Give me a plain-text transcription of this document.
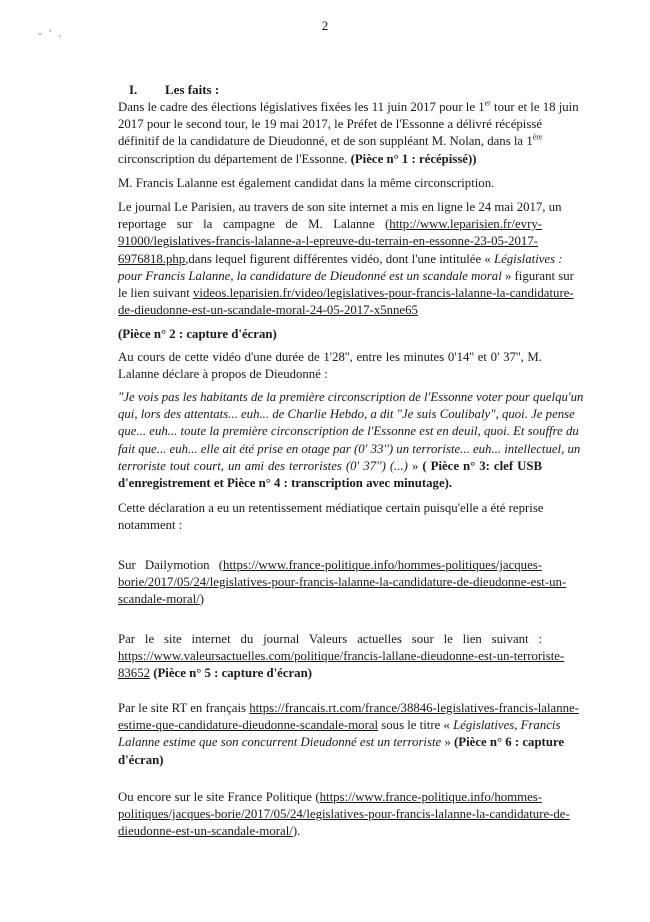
2
- ' .
I. Les faits :
Dans le cadre des élections législatives fixées les 11 juin 2017 pour le 1er tour et le 18 juin
2017 pour le second tour, le 19 mai 2017, le Préfet de l'Essonne a délivré récépissé
définitif de la candidature de Dieudonné, et de son suppléant M. Nolan, dans la 1ère
circonscription du département de l'Essonne. (Pièce n° 1 : récépissé))
M. Francis Lalanne est également candidat dans la même circonscription.
Le journal Le Parisien, au travers de son site internet a mis en ligne le 24 mai 2017, un
reportage sur la campagne de M. Lalanne (http://www.leparisien.fr/evry-
91000/legislatives-francis-lalanne-a-l-epreuve-du-terrain-en-essonne-23-05-2017-
6976818.php,dans lequel figurent différentes vidéo, dont l'une intitulée « Législatives :
pour Francis Lalanne, la candidature de Dieudonné est un scandale moral » figurant sur
le lien suivant videos.leparisien.fr/video/legislatives-pour-francis-lalanne-la-candidature-
de-dieudonne-est-un-scandale-moral-24-05-2017-x5nne65
(Pièce n° 2 : capture d'écran)
Au cours de cette vidéo d'une durée de 1'28'', entre les minutes 0'14'' et 0' 37'', M.
Lalanne déclare à propos de Dieudonné :
"Je vois pas les habitants de la première circonscription de l'Essonne voter pour quelqu'un
qui, lors des attentats... euh... de Charlie Hebdo, a dit "Je suis Coulibaly", quoi. Je pense
que... euh... toute la première circonscription de l'Essonne est en deuil, quoi. Et souffre du
fait que... euh... elle ait été prise en otage par (0' 33'') un terroriste... euh... intellectuel, un
terroriste tout court, un ami des terroristes (0' 37'') (...) » ( Pièce n° 3: clef USB
d'enregistrement et Pièce n° 4 : transcription avec minutage).
Cette déclaration a eu un retentissement médiatique certain puisqu'elle a été reprise
notamment :
Sur Dailymotion (https://www.france-politique.info/hommes-politiques/jacques-
borie/2017/05/24/legislatives-pour-francis-lalanne-la-candidature-de-dieudonne-est-un-
scandale-moral/)
Par le site internet du journal Valeurs actuelles sour le lien suivant :
https://www.valeursactuelles.com/politique/francis-lallane-dieudonne-est-un-terroriste-
83652 (Pièce n° 5 : capture d'écran)
Par le site RT en français https://francais.rt.com/france/38846-legislatives-francis-lalanne-
estime-que-candidature-dieudonne-scandale-moral sous le titre « Législatives, Francis
Lalanne estime que son concurrent Dieudonné est un terroriste » (Pièce n° 6 : capture
d'écran)
Ou encore sur le site France Politique (https://www.france-politique.info/hommes-
politiques/jacques-borie/2017/05/24/legislatives-pour-francis-lalanne-la-candidature-de-
dieudonne-est-un-scandale-moral/).
